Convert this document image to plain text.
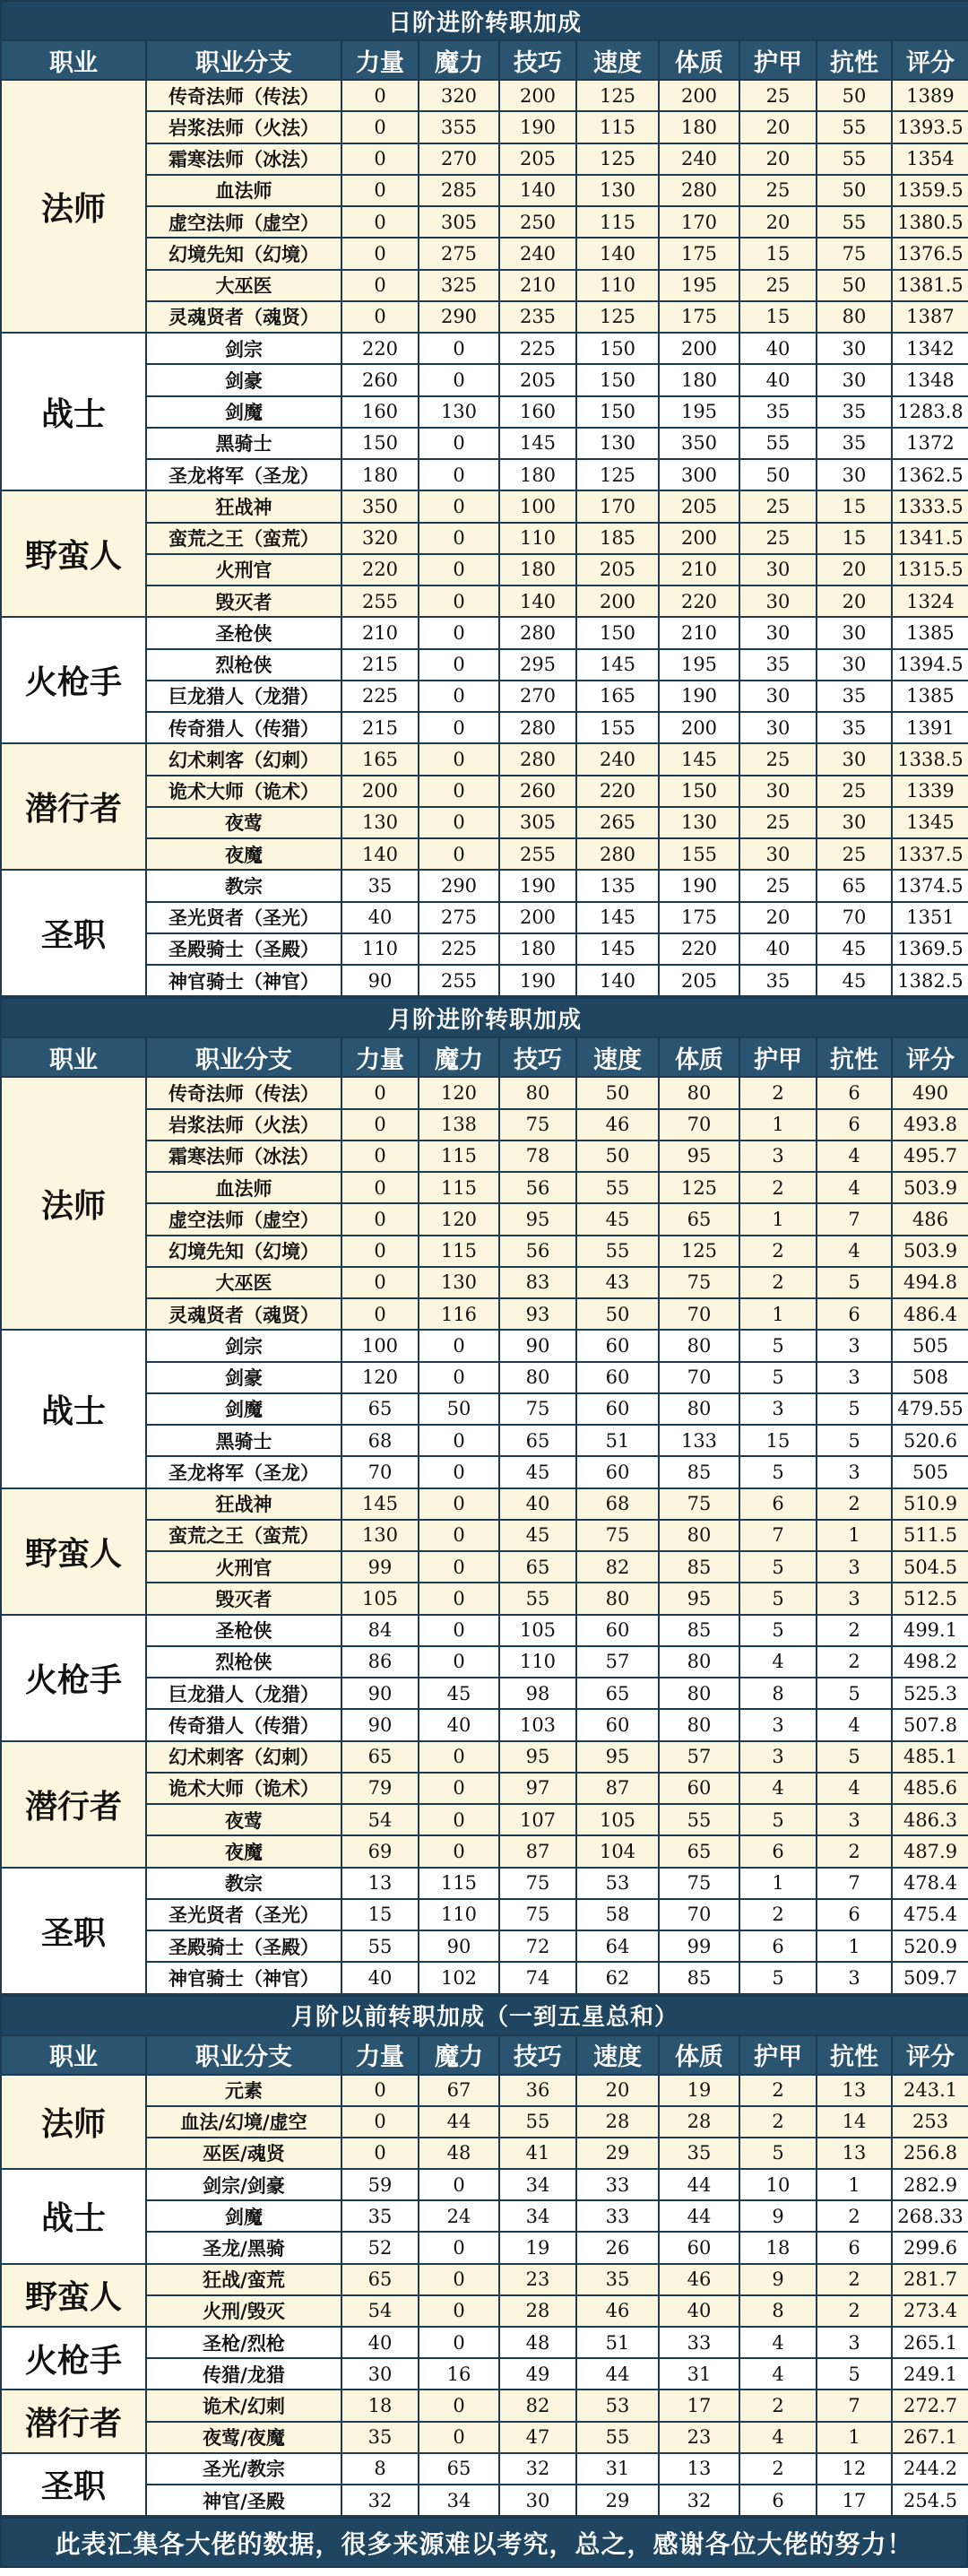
日阶进阶转职加成									
职业	职业分支	力量	魔力	技巧	速度	体质	护甲	抗性	评分
法师	传奇法师（传法）	0	320	200	125	200	25	50	1389
	岩浆法师（火法）	0	355	190	115	180	20	55	1393.5
	霜寒法师（冰法）	0	270	205	125	240	20	55	1354
	血法师	0	285	140	130	280	25	50	1359.5
	虚空法师（虚空）	0	305	250	115	170	20	55	1380.5
	幻境先知（幻境）	0	275	240	140	175	15	75	1376.5
	大巫医	0	325	210	110	195	25	50	1381.5
	灵魂贤者（魂贤）	0	290	235	125	175	15	80	1387
战士	剑宗	220	0	225	150	200	40	30	1342
	剑豪	260	0	205	150	180	40	30	1348
	剑魔	160	130	160	150	195	35	35	1283.8
	黑骑士	150	0	145	130	350	55	35	1372
	圣龙将军（圣龙）	180	0	180	125	300	50	30	1362.5
野蛮人	狂战神	350	0	100	170	205	25	15	1333.5
	蛮荒之王（蛮荒）	320	0	110	185	200	25	15	1341.5
	火刑官	220	0	180	205	210	30	20	1315.5
	毁灭者	255	0	140	200	220	30	20	1324
火枪手	圣枪侠	210	0	280	150	210	30	30	1385
	烈枪侠	215	0	295	145	195	35	30	1394.5
	巨龙猎人（龙猎）	225	0	270	165	190	30	35	1385
	传奇猎人（传猎）	215	0	280	155	200	30	35	1391
潜行者	幻术刺客（幻刺）	165	0	280	240	145	25	30	1338.5
	诡术大师（诡术）	200	0	260	220	150	30	25	1339
	夜莺	130	0	305	265	130	25	30	1345
	夜魔	140	0	255	280	155	30	25	1337.5
圣职	教宗	35	290	190	135	190	25	65	1374.5
	圣光贤者（圣光）	40	275	200	145	175	20	70	1351
	圣殿骑士（圣殿）	110	225	180	145	220	40	45	1369.5
	神官骑士（神官）	90	255	190	140	205	35	45	1382.5
月阶进阶转职加成									
职业	职业分支	力量	魔力	技巧	速度	体质	护甲	抗性	评分
法师	传奇法师（传法）	0	120	80	50	80	2	6	490
	岩浆法师（火法）	0	138	75	46	70	1	6	493.8
	霜寒法师（冰法）	0	115	78	50	95	3	4	495.7
	血法师	0	115	56	55	125	2	4	503.9
	虚空法师（虚空）	0	120	95	45	65	1	7	486
	幻境先知（幻境）	0	115	56	55	125	2	4	503.9
	大巫医	0	130	83	43	75	2	5	494.8
	灵魂贤者（魂贤）	0	116	93	50	70	1	6	486.4
战士	剑宗	100	0	90	60	80	5	3	505
	剑豪	120	0	80	60	70	5	3	508
	剑魔	65	50	75	60	80	3	5	479.55
	黑骑士	68	0	65	51	133	15	5	520.6
	圣龙将军（圣龙）	70	0	45	60	85	5	3	505
野蛮人	狂战神	145	0	40	68	75	6	2	510.9
	蛮荒之王（蛮荒）	130	0	45	75	80	7	1	511.5
	火刑官	99	0	65	82	85	5	3	504.5
	毁灭者	105	0	55	80	95	5	3	512.5
火枪手	圣枪侠	84	0	105	60	85	5	2	499.1
	烈枪侠	86	0	110	57	80	4	2	498.2
	巨龙猎人（龙猎）	90	45	98	65	80	8	5	525.3
	传奇猎人（传猎）	90	40	103	60	80	3	4	507.8
潜行者	幻术刺客（幻刺）	65	0	95	95	57	3	5	485.1
	诡术大师（诡术）	79	0	97	87	60	4	4	485.6
	夜莺	54	0	107	105	55	5	3	486.3
	夜魔	69	0	87	104	65	6	2	487.9
圣职	教宗	13	115	75	53	75	1	7	478.4
	圣光贤者（圣光）	15	110	75	58	70	2	6	475.4
	圣殿骑士（圣殿）	55	90	72	64	99	6	1	520.9
	神官骑士（神官）	40	102	74	62	85	5	3	509.7
月阶以前转职加成（一到五星总和）									
职业	职业分支	力量	魔力	技巧	速度	体质	护甲	抗性	评分
法师	元素	0	67	36	20	19	2	13	243.1
	血法/幻境/虚空	0	44	55	28	28	2	14	253
	巫医/魂贤	0	48	41	29	35	5	13	256.8
战士	剑宗/剑豪	59	0	34	33	44	10	1	282.9
	剑魔	35	24	34	33	44	9	2	268.33
	圣龙/黑骑	52	0	19	26	60	18	6	299.6
野蛮人	狂战/蛮荒	65	0	23	35	46	9	2	281.7
	火刑/毁灭	54	0	28	46	40	8	2	273.4
火枪手	圣枪/烈枪	40	0	48	51	33	4	3	265.1
	传猎/龙猎	30	16	49	44	31	4	5	249.1
潜行者	诡术/幻刺	18	0	82	53	17	2	7	272.7
	夜莺/夜魔	35	0	47	55	23	4	1	267.1
圣职	圣光/教宗	8	65	32	31	13	2	12	244.2
	神官/圣殿	32	34	30	29	32	6	17	254.5
此表汇集各大佬的数据，很多来源难以考究，总之，感谢各位大佬的努力！
